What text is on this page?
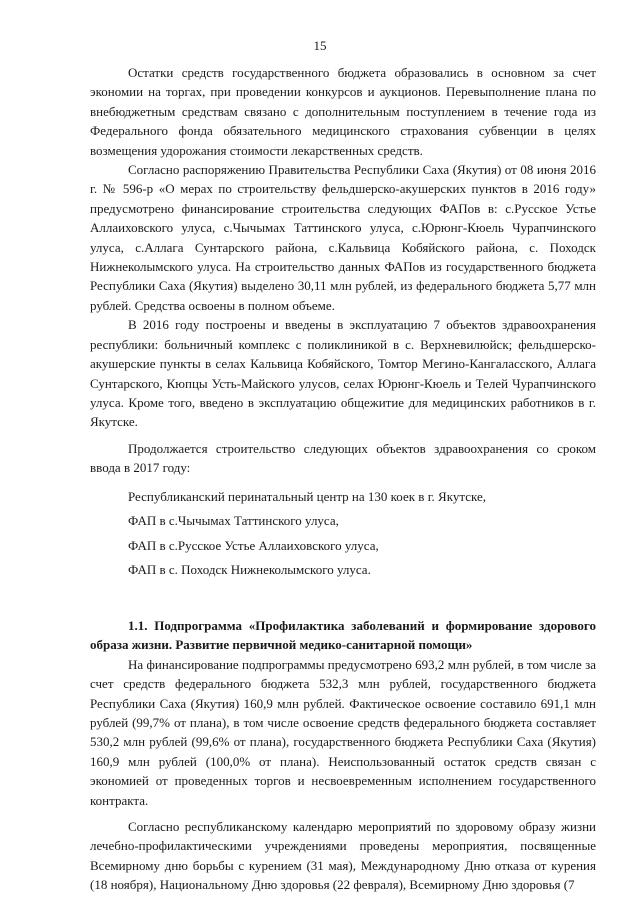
15

Остатки средств государственного бюджета образовались в основном за счет экономии на торгах, при проведении конкурсов и аукционов. Перевыполнение плана по внебюджетным средствам связано с дополнительным поступлением в течение года из Федерального фонда обязательного медицинского страхования субвенции в целях возмещения удорожания стоимости лекарственных средств.

Согласно распоряжению Правительства Республики Саха (Якутия) от 08 июня 2016 г. № 596-р «О мерах по строительству фельдшерско-акушерских пунктов в 2016 году» предусмотрено финансирование строительства следующих ФАПов в: с.Русское Устье Аллаиховского улуса, с.Чычымах Таттинского улуса, с.Юрюнг-Кюель Чурапчинского улуса, с.Аллага Сунтарского района, с.Кальвица Кобяйского района, с. Походск Нижнеколымского улуса. На строительство данных ФАПов из государственного бюджета Республики Саха (Якутия) выделено 30,11 млн рублей, из федерального бюджета 5,77 млн рублей. Средства освоены в полном объеме.

В 2016 году построены и введены в эксплуатацию 7 объектов здравоохранения республики: больничный комплекс с поликлиникой в с. Верхневилюйск; фельдшерско-акушерские пункты в селах Кальвица Кобяйского, Томтор Мегино-Кангаласского, Аллага Сунтарского, Кюпцы Усть-Майского улусов, селах Юрюнг-Кюель и Телей Чурапчинского улуса. Кроме того, введено в эксплуатацию общежитие для медицинских работников в г. Якутске.

Продолжается строительство следующих объектов здравоохранения со сроком ввода в 2017 году:

Республиканский перинатальный центр на 130 коек в г. Якутске,

ФАП в с.Чычымах Таттинского улуса,

ФАП в с.Русское Устье Аллаиховского улуса,

ФАП в с. Походск Нижнеколымского улуса.

1.1. Подпрограмма «Профилактика заболеваний и формирование здорового образа жизни. Развитие первичной медико-санитарной помощи»

На финансирование подпрограммы предусмотрено 693,2 млн рублей, в том числе за счет средств федерального бюджета 532,3 млн рублей, государственного бюджета Республики Саха (Якутия) 160,9 млн рублей. Фактическое освоение составило 691,1 млн рублей (99,7% от плана), в том числе освоение средств федерального бюджета составляет 530,2 млн рублей (99,6% от плана), государственного бюджета Республики Саха (Якутия) 160,9 млн рублей (100,0% от плана). Неиспользованный остаток средств связан с экономией от проведенных торгов и несвоевременным исполнением государственного контракта.

Согласно республиканскому календарю мероприятий по здоровому образу жизни лечебно-профилактическими учреждениями проведены мероприятия, посвященные Всемирному дню борьбы с курением (31 мая), Международному Дню отказа от курения (18 ноября), Национальному Дню здоровья (22 февраля), Всемирному Дню здоровья (7
